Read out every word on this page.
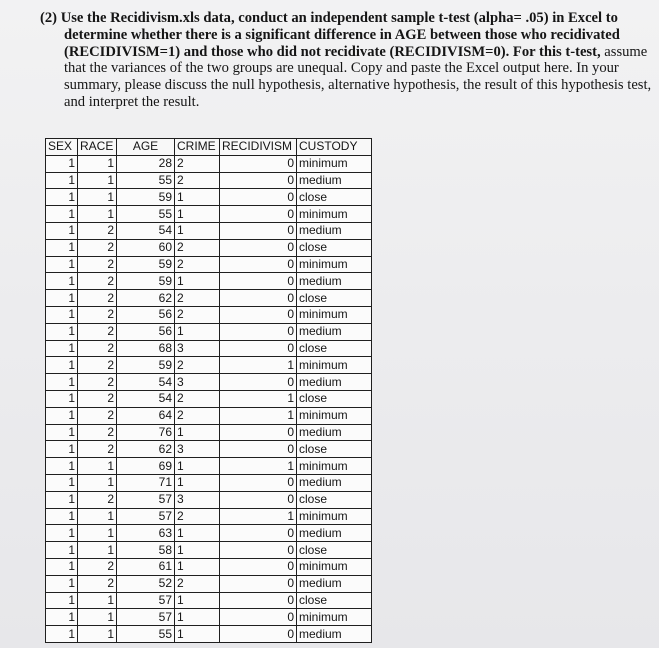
(2) Use the Recidivism.xls data, conduct an independent sample t-test (alpha= .05) in Excel to determine whether there is a significant difference in AGE between those who recidivated (RECIDIVISM=1) and those who did not recidivate (RECIDIVISM=0). For this t-test, assume that the variances of the two groups are unequal. Copy and paste the Excel output here. In your summary, please discuss the null hypothesis, alternative hypothesis, the result of this hypothesis test, and interpret the result.
SEX	RACE	AGE	CRIME	RECIDIVISM	CUSTODY
1	1	28	2	0	minimum
1	1	55	2	0	medium
1	1	59	1	0	close
1	1	55	1	0	minimum
1	2	54	1	0	medium
1	2	60	2	0	close
1	2	59	2	0	minimum
1	2	59	1	0	medium
1	2	62	2	0	close
1	2	56	2	0	minimum
1	2	56	1	0	medium
1	2	68	3	0	close
1	2	59	2	1	minimum
1	2	54	3	0	medium
1	2	54	2	1	close
1	2	64	2	1	minimum
1	2	76	1	0	medium
1	2	62	3	0	close
1	1	69	1	1	minimum
1	1	71	1	0	medium
1	2	57	3	0	close
1	1	57	2	1	minimum
1	1	63	1	0	medium
1	1	58	1	0	close
1	2	61	1	0	minimum
1	2	52	2	0	medium
1	1	57	1	0	close
1	1	57	1	0	minimum
1	1	55	1	0	medium
